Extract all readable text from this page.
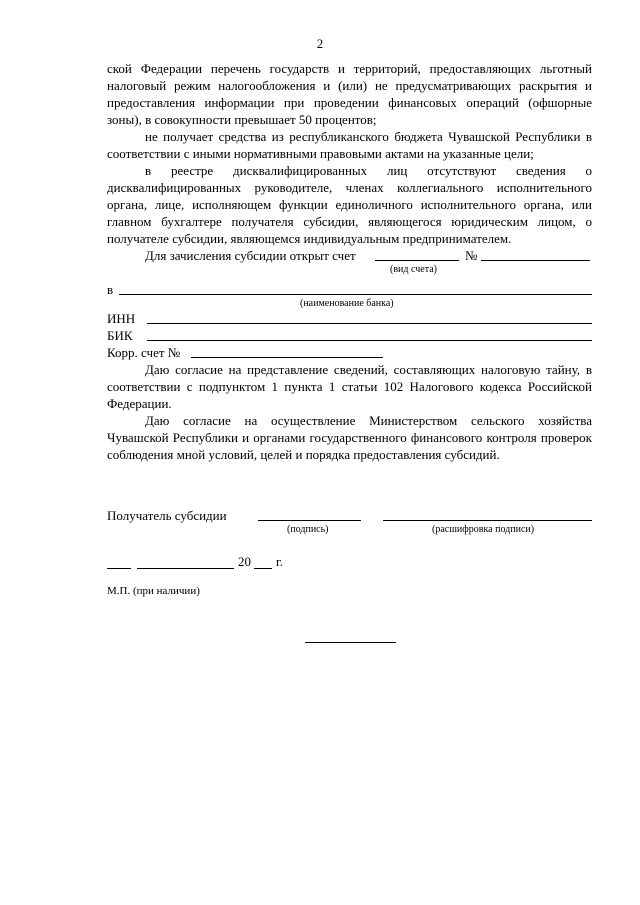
2

ской Федерации перечень государств и территорий, предоставляющих льготный налоговый режим налогообложения и (или) не предусматривающих раскрытия и предоставления информации при проведении финансовых операций (офшорные зоны), в совокупности превышает 50 процентов;

не получает средства из республиканского бюджета Чувашской Республики в соответствии с иными нормативными правовыми актами на указанные цели;

в реестре дисквалифицированных лиц отсутствуют сведения о дисквалифицированных руководителе, членах коллегиального исполнительного органа, лице, исполняющем функции единоличного исполнительного органа, или главном бухгалтере получателя субсидии, являющегося юридическим лицом, о получателе субсидии, являющемся индивидуальным предпринимателем.

Для зачисления субсидии открыт счет	№
(вид счета)
в
(наименование банка)
ИНН
БИК
Корр. счет №

Даю согласие на представление сведений, составляющих налоговую тайну, в соответствии с подпунктом 1 пункта 1 статьи 102 Налогового кодекса Российской Федерации.

Даю согласие на осуществление Министерством сельского хозяйства Чувашской Республики и органами государственного финансового контроля проверок соблюдения мной условий, целей и порядка предоставления субсидий.

Получатель субсидии
(подпись)	(расшифровка подписи)
20 г.
М.П. (при наличии)
